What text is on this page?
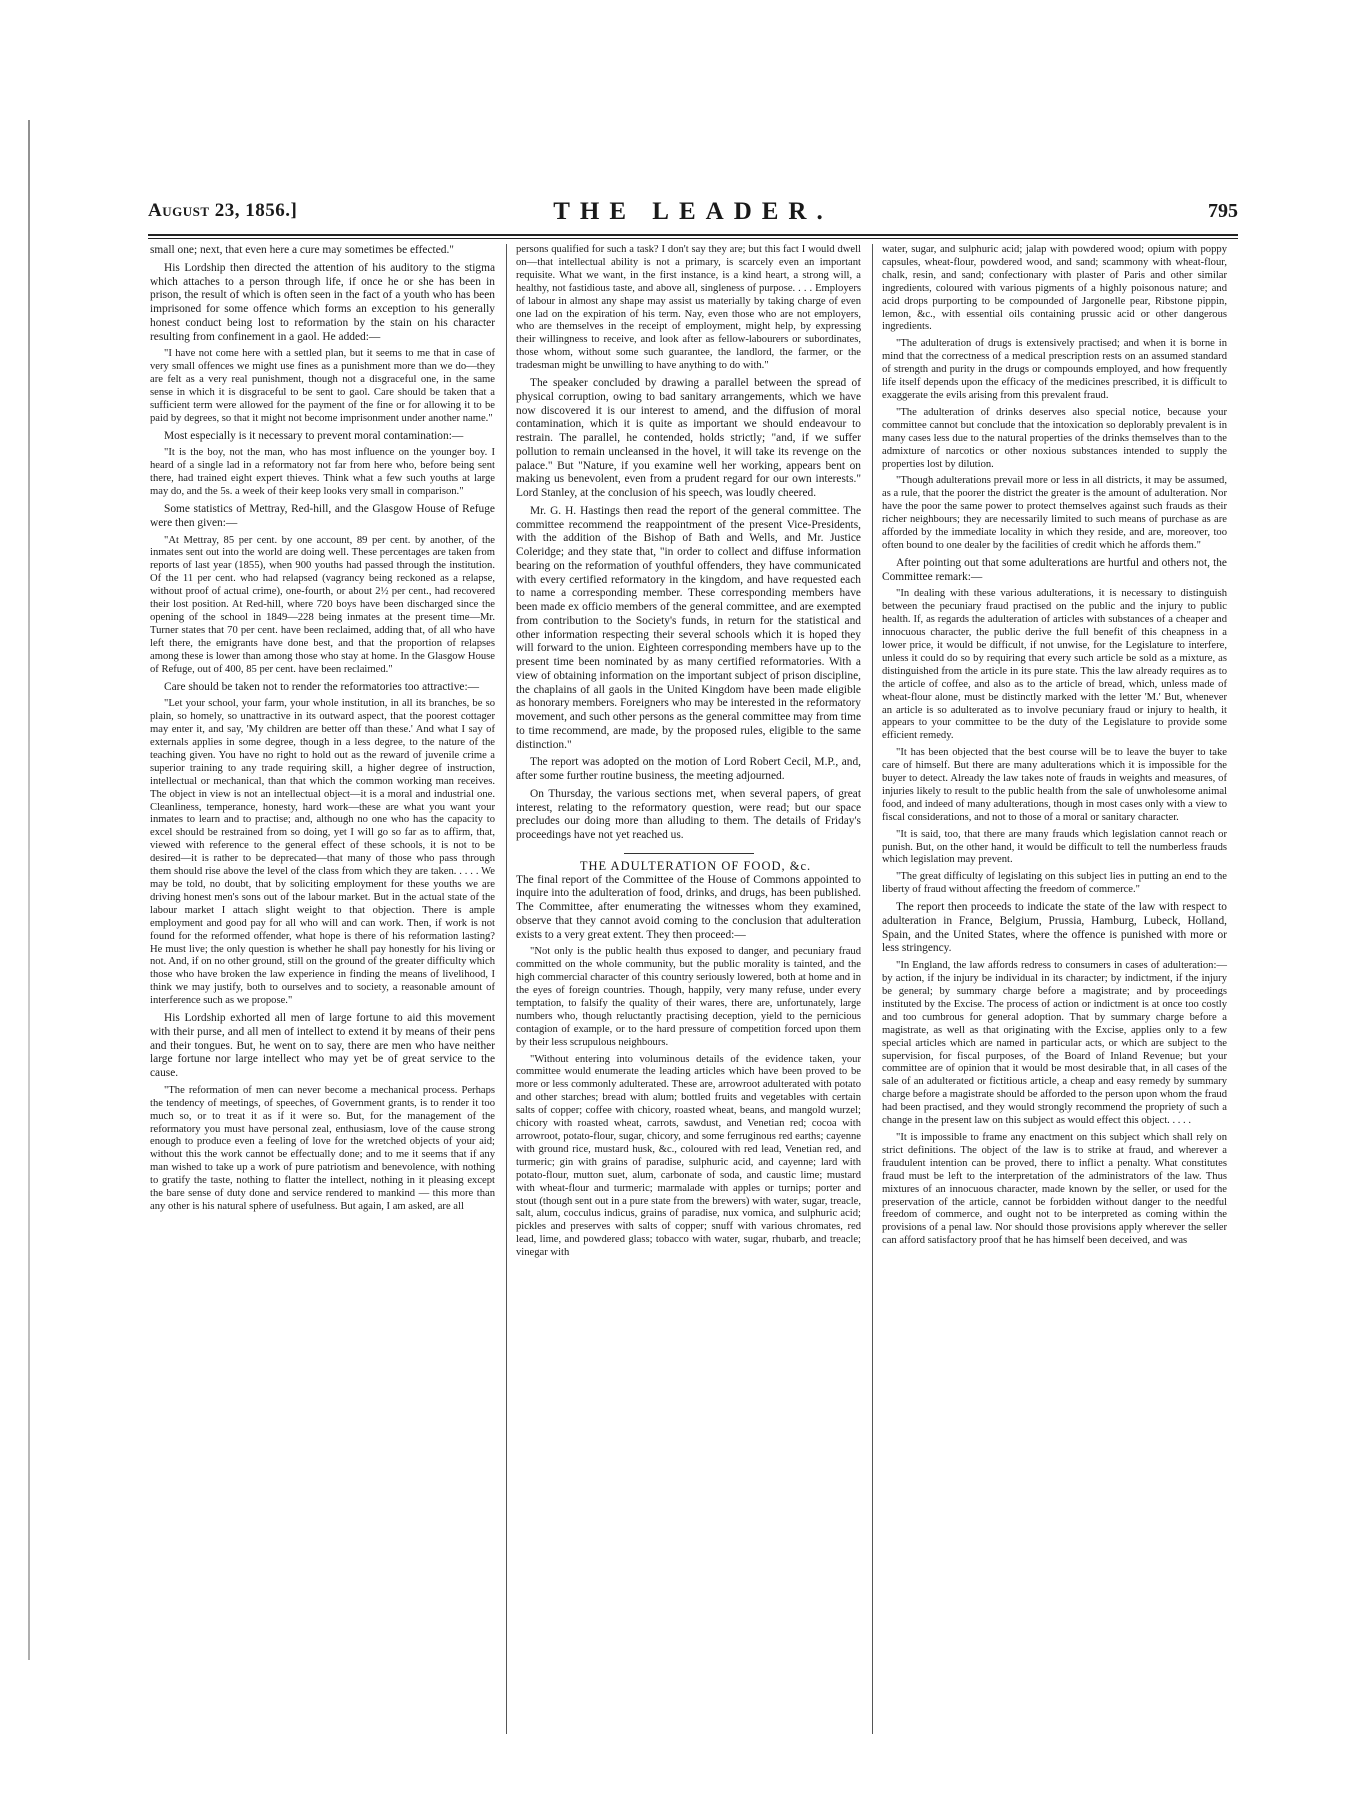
August 23, 1856.]	THE LEADER.	795

small one; next, that even here a cure may sometimes be effected."

His Lordship then directed the attention of his auditory to the stigma which attaches to a person through life, if once he or she has been in prison, the result of which is often seen in the fact of a youth who has been imprisoned for some offence which forms an exception to his generally honest conduct being lost to reformation by the stain on his character resulting from confinement in a gaol. He added:—

"I have not come here with a settled plan, but it seems to me that in case of very small offences we might use fines as a punishment more than we do—they are felt as a very real punishment, though not a disgraceful one, in the same sense in which it is disgraceful to be sent to gaol. Care should be taken that a sufficient term were allowed for the payment of the fine or for allowing it to be paid by degrees, so that it might not become imprisonment under another name."

Most especially is it necessary to prevent moral contamination:—

"It is the boy, not the man, who has most influence on the younger boy. I heard of a single lad in a reformatory not far from here who, before being sent there, had trained eight expert thieves. Think what a few such youths at large may do, and the 5s. a week of their keep looks very small in comparison."

Some statistics of Mettray, Red-hill, and the Glasgow House of Refuge were then given:—

"At Mettray, 85 per cent. by one account, 89 per cent. by another, of the inmates sent out into the world are doing well. These percentages are taken from reports of last year (1855), when 900 youths had passed through the institution. Of the 11 per cent. who had relapsed (vagrancy being reckoned as a relapse, without proof of actual crime), one-fourth, or about 2½ per cent., had recovered their lost position. At Red-hill, where 720 boys have been discharged since the opening of the school in 1849—228 being inmates at the present time—Mr. Turner states that 70 per cent. have been reclaimed, adding that, of all who have left there, the emigrants have done best, and that the proportion of relapses among these is lower than among those who stay at home. In the Glasgow House of Refuge, out of 400, 85 per cent. have been reclaimed."

Care should be taken not to render the reformatories too attractive:—

"Let your school, your farm, your whole institution, in all its branches, be so plain, so homely, so unattractive in its outward aspect, that the poorest cottager may enter it, and say, 'My children are better off than these.' And what I say of externals applies in some degree, though in a less degree, to the nature of the teaching given. You have no right to hold out as the reward of juvenile crime a superior training to any trade requiring skill, a higher degree of instruction, intellectual or mechanical, than that which the common working man receives. The object in view is not an intellectual object—it is a moral and industrial one. Cleanliness, temperance, honesty, hard work—these are what you want your inmates to learn and to practise; and, although no one who has the capacity to excel should be restrained from so doing, yet I will go so far as to affirm, that, viewed with reference to the general effect of these schools, it is not to be desired—it is rather to be deprecated—that many of those who pass through them should rise above the level of the class from which they are taken. . . . . We may be told, no doubt, that by soliciting employment for these youths we are driving honest men's sons out of the labour market. But in the actual state of the labour market I attach slight weight to that objection. There is ample employment and good pay for all who will and can work. Then, if work is not found for the reformed offender, what hope is there of his reformation lasting? He must live; the only question is whether he shall pay honestly for his living or not. And, if on no other ground, still on the ground of the greater difficulty which those who have broken the law experience in finding the means of livelihood, I think we may justify, both to ourselves and to society, a reasonable amount of interference such as we propose."

His Lordship exhorted all men of large fortune to aid this movement with their purse, and all men of intellect to extend it by means of their pens and their tongues. But, he went on to say, there are men who have neither large fortune nor large intellect who may yet be of great service to the cause.

"The reformation of men can never become a mechanical process. Perhaps the tendency of meetings, of speeches, of Government grants, is to render it too much so, or to treat it as if it were so. But, for the management of the reformatory you must have personal zeal, enthusiasm, love of the cause strong enough to produce even a feeling of love for the wretched objects of your aid; without this the work cannot be effectually done; and to me it seems that if any man wished to take up a work of pure patriotism and benevolence, with nothing to gratify the taste, nothing to flatter the intellect, nothing in it pleasing except the bare sense of duty done and service rendered to mankind — this more than any other is his natural sphere of usefulness. But again, I am asked, are all

persons qualified for such a task? I don't say they are; but this fact I would dwell on—that intellectual ability is not a primary, is scarcely even an important requisite. What we want, in the first instance, is a kind heart, a strong will, a healthy, not fastidious taste, and above all, singleness of purpose. . . . Employers of labour in almost any shape may assist us materially by taking charge of even one lad on the expiration of his term. Nay, even those who are not employers, who are themselves in the receipt of employment, might help, by expressing their willingness to receive, and look after as fellow-labourers or subordinates, those whom, without some such guarantee, the landlord, the farmer, or the tradesman might be unwilling to have anything to do with."

The speaker concluded by drawing a parallel between the spread of physical corruption, owing to bad sanitary arrangements, which we have now discovered it is our interest to amend, and the diffusion of moral contamination, which it is quite as important we should endeavour to restrain. The parallel, he contended, holds strictly; "and, if we suffer pollution to remain uncleansed in the hovel, it will take its revenge on the palace." But "Nature, if you examine well her working, appears bent on making us benevolent, even from a prudent regard for our own interests." Lord Stanley, at the conclusion of his speech, was loudly cheered.

Mr. G. H. Hastings then read the report of the general committee. The committee recommend the reappointment of the present Vice-Presidents, with the addition of the Bishop of Bath and Wells, and Mr. Justice Coleridge; and they state that, "in order to collect and diffuse information bearing on the reformation of youthful offenders, they have communicated with every certified reformatory in the kingdom, and have requested each to name a corresponding member. These corresponding members have been made ex officio members of the general committee, and are exempted from contribution to the Society's funds, in return for the statistical and other information respecting their several schools which it is hoped they will forward to the union. Eighteen corresponding members have up to the present time been nominated by as many certified reformatories. With a view of obtaining information on the important subject of prison discipline, the chaplains of all gaols in the United Kingdom have been made eligible as honorary members. Foreigners who may be interested in the reformatory movement, and such other persons as the general committee may from time to time recommend, are made, by the proposed rules, eligible to the same distinction."

The report was adopted on the motion of Lord Robert Cecil, M.P., and, after some further routine business, the meeting adjourned.

On Thursday, the various sections met, when several papers, of great interest, relating to the reformatory question, were read; but our space precludes our doing more than alluding to them. The details of Friday's proceedings have not yet reached us.

THE ADULTERATION OF FOOD, &c.

The final report of the Committee of the House of Commons appointed to inquire into the adulteration of food, drinks, and drugs, has been published. The Committee, after enumerating the witnesses whom they examined, observe that they cannot avoid coming to the conclusion that adulteration exists to a very great extent. They then proceed:—

"Not only is the public health thus exposed to danger, and pecuniary fraud committed on the whole community, but the public morality is tainted, and the high commercial character of this country seriously lowered, both at home and in the eyes of foreign countries. Though, happily, very many refuse, under every temptation, to falsify the quality of their wares, there are, unfortunately, large numbers who, though reluctantly practising deception, yield to the pernicious contagion of example, or to the hard pressure of competition forced upon them by their less scrupulous neighbours.

"Without entering into voluminous details of the evidence taken, your committee would enumerate the leading articles which have been proved to be more or less commonly adulterated. These are, arrowroot adulterated with potato and other starches; bread with alum; bottled fruits and vegetables with certain salts of copper; coffee with chicory, roasted wheat, beans, and mangold wurzel; chicory with roasted wheat, carrots, sawdust, and Venetian red; cocoa with arrowroot, potato-flour, sugar, chicory, and some ferruginous red earths; cayenne with ground rice, mustard husk, &c., coloured with red lead, Venetian red, and turmeric; gin with grains of paradise, sulphuric acid, and cayenne; lard with potato-flour, mutton suet, alum, carbonate of soda, and caustic lime; mustard with wheat-flour and turmeric; marmalade with apples or turnips; porter and stout (though sent out in a pure state from the brewers) with water, sugar, treacle, salt, alum, cocculus indicus, grains of paradise, nux vomica, and sulphuric acid; pickles and preserves with salts of copper; snuff with various chromates, red lead, lime, and powdered glass; tobacco with water, sugar, rhubarb, and treacle; vinegar with

water, sugar, and sulphuric acid; jalap with powdered wood; opium with poppy capsules, wheat-flour, powdered wood, and sand; scammony with wheat-flour, chalk, resin, and sand; confectionary with plaster of Paris and other similar ingredients, coloured with various pigments of a highly poisonous nature; and acid drops purporting to be compounded of Jargonelle pear, Ribstone pippin, lemon, &c., with essential oils containing prussic acid or other dangerous ingredients.

"The adulteration of drugs is extensively practised; and when it is borne in mind that the correctness of a medical prescription rests on an assumed standard of strength and purity in the drugs or compounds employed, and how frequently life itself depends upon the efficacy of the medicines prescribed, it is difficult to exaggerate the evils arising from this prevalent fraud.

"The adulteration of drinks deserves also special notice, because your committee cannot but conclude that the intoxication so deplorably prevalent is in many cases less due to the natural properties of the drinks themselves than to the admixture of narcotics or other noxious substances intended to supply the properties lost by dilution.

"Though adulterations prevail more or less in all districts, it may be assumed, as a rule, that the poorer the district the greater is the amount of adulteration. Nor have the poor the same power to protect themselves against such frauds as their richer neighbours; they are necessarily limited to such means of purchase as are afforded by the immediate locality in which they reside, and are, moreover, too often bound to one dealer by the facilities of credit which he affords them."

After pointing out that some adulterations are hurtful and others not, the Committee remark:—

"In dealing with these various adulterations, it is necessary to distinguish between the pecuniary fraud practised on the public and the injury to public health. If, as regards the adulteration of articles with substances of a cheaper and innocuous character, the public derive the full benefit of this cheapness in a lower price, it would be difficult, if not unwise, for the Legislature to interfere, unless it could do so by requiring that every such article be sold as a mixture, as distinguished from the article in its pure state. This the law already requires as to the article of coffee, and also as to the article of bread, which, unless made of wheat-flour alone, must be distinctly marked with the letter 'M.' But, whenever an article is so adulterated as to involve pecuniary fraud or injury to health, it appears to your committee to be the duty of the Legislature to provide some efficient remedy.

"It has been objected that the best course will be to leave the buyer to take care of himself. But there are many adulterations which it is impossible for the buyer to detect. Already the law takes note of frauds in weights and measures, of injuries likely to result to the public health from the sale of unwholesome animal food, and indeed of many adulterations, though in most cases only with a view to fiscal considerations, and not to those of a moral or sanitary character.

"It is said, too, that there are many frauds which legislation cannot reach or punish. But, on the other hand, it would be difficult to tell the numberless frauds which legislation may prevent.

"The great difficulty of legislating on this subject lies in putting an end to the liberty of fraud without affecting the freedom of commerce."

The report then proceeds to indicate the state of the law with respect to adulteration in France, Belgium, Prussia, Hamburg, Lubeck, Holland, Spain, and the United States, where the offence is punished with more or less stringency.

"In England, the law affords redress to consumers in cases of adulteration:—by action, if the injury be individual in its character; by indictment, if the injury be general; by summary charge before a magistrate; and by proceedings instituted by the Excise. The process of action or indictment is at once too costly and too cumbrous for general adoption. That by summary charge before a magistrate, as well as that originating with the Excise, applies only to a few special articles which are named in particular acts, or which are subject to the supervision, for fiscal purposes, of the Board of Inland Revenue; but your committee are of opinion that it would be most desirable that, in all cases of the sale of an adulterated or fictitious article, a cheap and easy remedy by summary charge before a magistrate should be afforded to the person upon whom the fraud had been practised, and they would strongly recommend the propriety of such a change in the present law on this subject as would effect this object. . . . .

"It is impossible to frame any enactment on this subject which shall rely on strict definitions. The object of the law is to strike at fraud, and wherever a fraudulent intention can be proved, there to inflict a penalty. What constitutes fraud must be left to the interpretation of the administrators of the law. Thus mixtures of an innocuous character, made known by the seller, or used for the preservation of the article, cannot be forbidden without danger to the needful freedom of commerce, and ought not to be interpreted as coming within the provisions of a penal law. Nor should those provisions apply wherever the seller can afford satisfactory proof that he has himself been deceived, and was
